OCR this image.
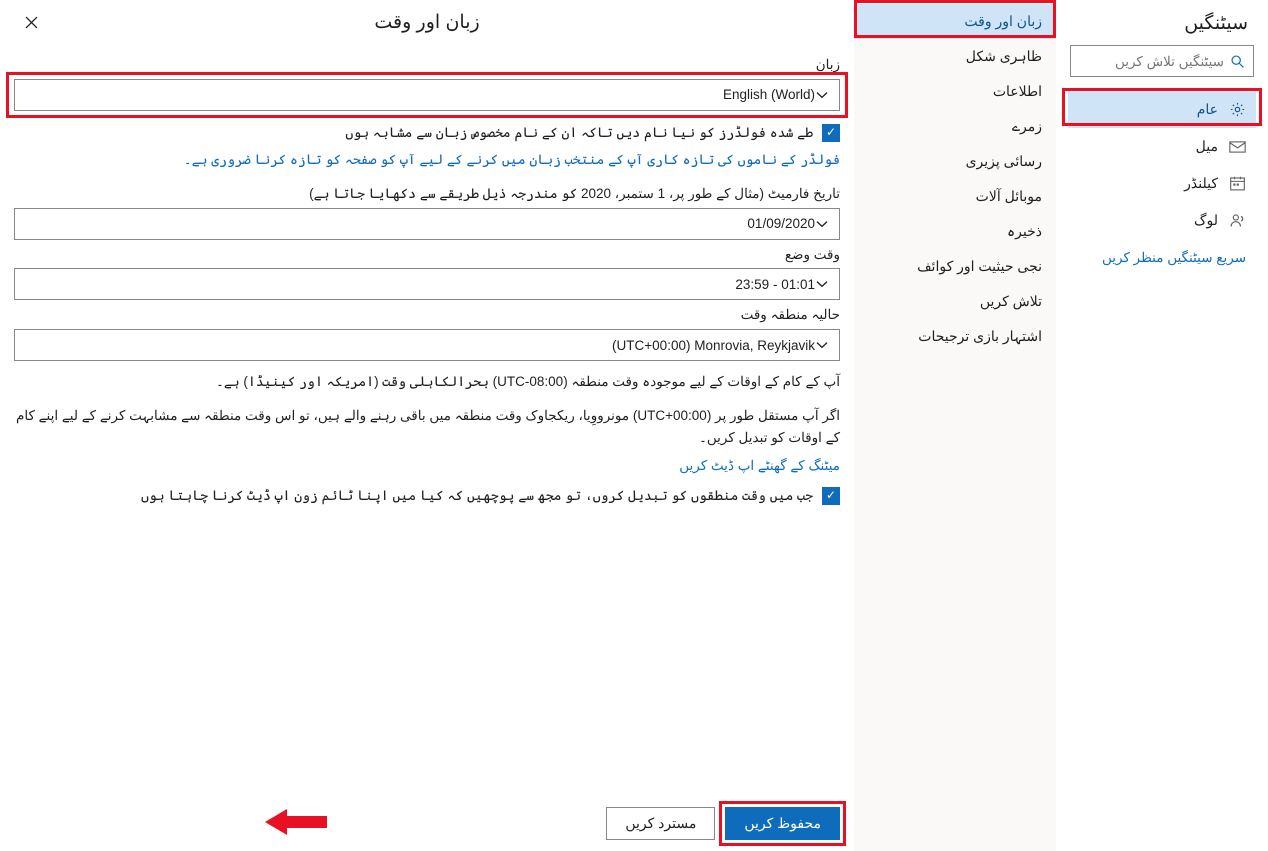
سیٹنگیں
سیٹنگیں تلاش کریں
عام
میل
کیلنڈر
لوگ
سریع سیٹنگیں منظر کریں
زبان اور وقت
ظاہری شکل
اطلاعات
زمرے
رسائی پزیری
موبائل آلات
ذخیرہ
نجی حیثیت اور کوائف
تلاش کریں
اشتہار بازی ترجیحات
زبان اور وقت
زبان
English (World)
✓
طے شدہ فولڈرز کو نیا نام دیں تاکہ ان کے نام مخصوص زبان سے مشابہ ہوں
فولڈر کے ناموں کی تازہ کاری آپ کے منتخب زبان میں کرنے کے لیے آپ کو صفحہ کو تازہ کرنا ضروری ہے۔
تاریخ فارمیٹ (مثال کے طور پر، 1 ستمبر، 2020 کو مندرجہ ذیل طریقے سے دکھایا جاتا ہے)
01/09/2020
وقت وضع
01:01 - 23:59
حالیہ منطقہ وقت
UTC+00:00) Monrovia, Reykjavik)
آپ کے کام کے اوقات کے لیے موجودہ وقت منطقہ (UTC-08:00) بحرالکاہلی وقت (امریکہ اور کینیڈا) ہے۔
اگر آپ مستقل طور پر (UTC+00:00) مونرووِیا، ریکجاوک وقت منطقہ میں باقی رہنے والے ہیں، تو اس وقت منطقہ سے مشابہت کرنے کے لیے اپنے کام کے اوقات کو تبدیل کریں۔
میٹنگ کے گھنٹے اپ ڈیٹ کریں
✓
جب میں وقت منطقوں کو تبدیل کروں، تو مجھ سے پوچھیں کہ کیا میں اپنا ٹائم زون اپ ڈیٹ کرنا چاہتا ہوں
محفوظ کریں
مسترد کریں
